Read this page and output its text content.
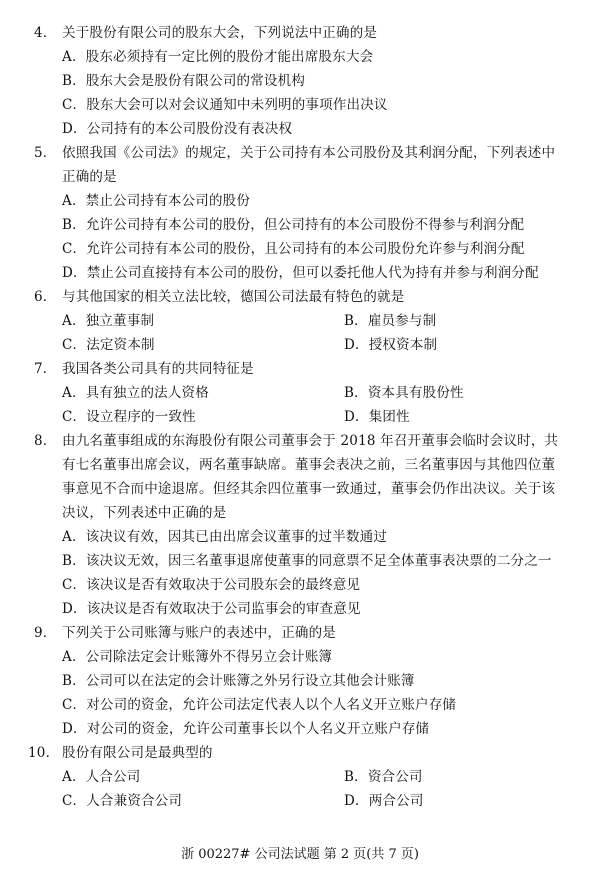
4． 关于股份有限公司的股东大会，下列说法中正确的是
A．股东必须持有一定比例的股份才能出席股东大会
B．股东大会是股份有限公司的常设机构
C．股东大会可以对会议通知中未列明的事项作出决议
D．公司持有的本公司股份没有表决权
5． 依照我国《公司法》的规定，关于公司持有本公司股份及其利润分配，下列表述中
正确的是
A．禁止公司持有本公司的股份
B．允许公司持有本公司的股份，但公司持有的本公司股份不得参与利润分配
C．允许公司持有本公司的股份，且公司持有的本公司股份允许参与利润分配
D．禁止公司直接持有本公司的股份，但可以委托他人代为持有并参与利润分配
6． 与其他国家的相关立法比较，德国公司法最有特色的就是
A．独立董事制	B．雇员参与制
C．法定资本制	D．授权资本制
7． 我国各类公司具有的共同特征是
A．具有独立的法人资格	B．资本具有股份性
C．设立程序的一致性	D．集团性
8． 由九名董事组成的东海股份有限公司董事会于 2018 年召开董事会临时会议时，共
有七名董事出席会议，两名董事缺席。董事会表决之前，三名董事因与其他四位董
事意见不合而中途退席。但经其余四位董事一致通过，董事会仍作出决议。关于该
决议，下列表述中正确的是
A．该决议有效，因其已由出席会议董事的过半数通过
B．该决议无效，因三名董事退席使董事的同意票不足全体董事表决票的二分之一
C．该决议是否有效取决于公司股东会的最终意见
D．该决议是否有效取决于公司监事会的审查意见
9． 下列关于公司账簿与账户的表述中，正确的是
A．公司除法定会计账簿外不得另立会计账簿
B．公司可以在法定的会计账簿之外另行设立其他会计账簿
C．对公司的资金，允许公司法定代表人以个人名义开立账户存储
D．对公司的资金，允许公司董事长以个人名义开立账户存储
10． 股份有限公司是最典型的
A．人合公司	B．资合公司
C．人合兼资合公司	D．两合公司
浙 00227# 公司法试题 第 2 页(共 7 页)
